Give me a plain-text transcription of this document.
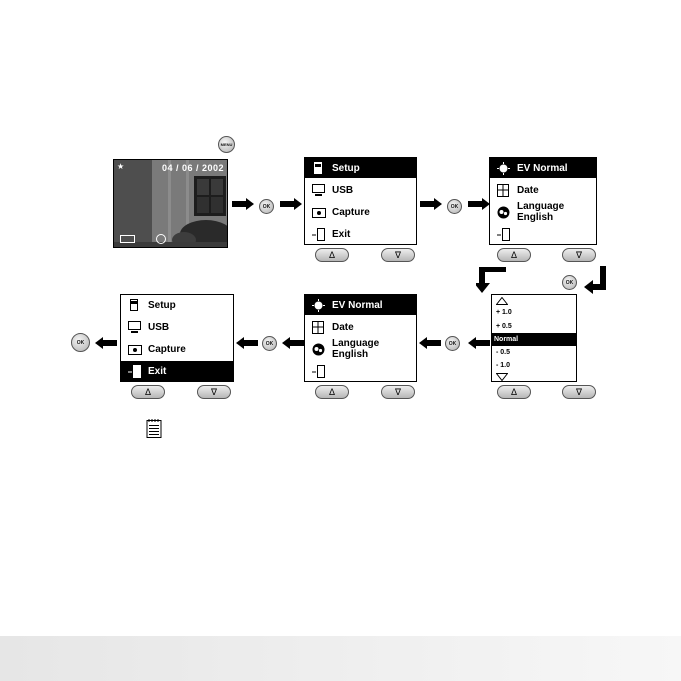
MENU
★	04 / 06 / 2002
OK
Setup
USB
Capture
Exit
Δ	∇
OK
EV Normal
Date
Language English
Δ	∇
OK
+ 1.0
+ 0.5
Normal
- 0.5
- 1.0
Δ	∇
OK
EV Normal
Date
Language English
Δ	∇
OK
Setup
USB
Capture
Exit
Δ	∇
OK
